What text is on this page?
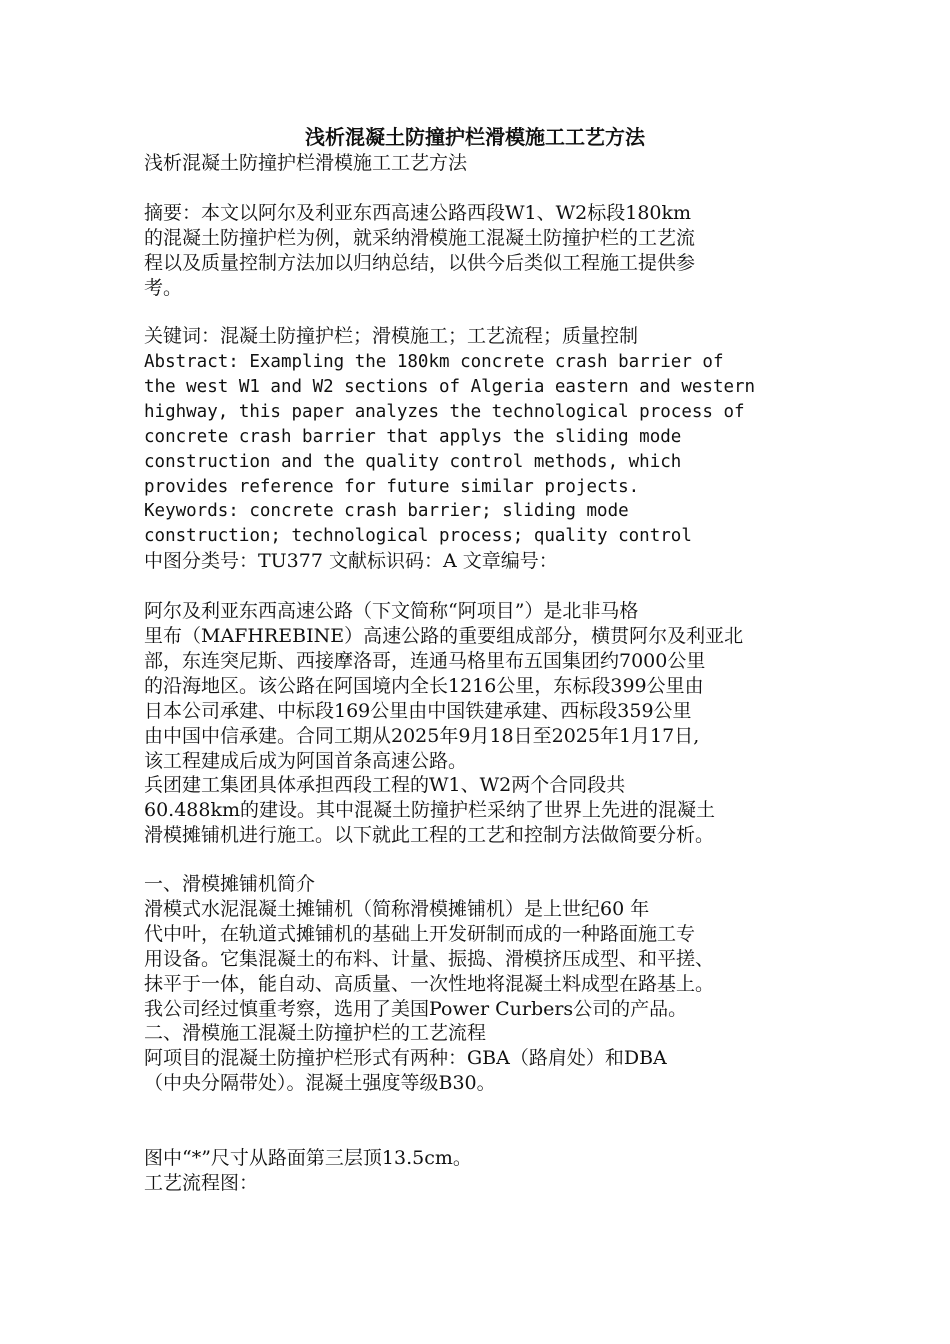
浅析混凝土防撞护栏滑模施工工艺方法
浅析混凝土防撞护栏滑模施工工艺方法
摘要：本文以阿尔及利亚东西高速公路西段W1、W2标段180km
的混凝土防撞护栏为例，就采纳滑模施工混凝土防撞护栏的工艺流
程以及质量控制方法加以归纳总结，以供今后类似工程施工提供参
考。
关键词：混凝土防撞护栏；滑模施工；工艺流程；质量控制
Abstract: Exampling the 180km concrete crash barrier of
the west W1 and W2 sections of Algeria eastern and western
highway, this paper analyzes the technological process of
concrete crash barrier that applys the sliding mode
construction and the quality control methods, which
provides reference for future similar projects.
Keywords: concrete crash barrier; sliding mode
construction; technological process; quality control
中图分类号：TU377 文献标识码：A 文章编号：
阿尔及利亚东西高速公路（下文简称“阿项目”）是北非马格
里布（MAFHREBINE）高速公路的重要组成部分，横贯阿尔及利亚北
部，东连突尼斯、西接摩洛哥，连通马格里布五国集团约7000公里
的沿海地区。该公路在阿国境内全长1216公里，东标段399公里由
日本公司承建、中标段169公里由中国铁建承建、西标段359公里
由中国中信承建。合同工期从2025年9月18日至2025年1月17日,
该工程建成后成为阿国首条高速公路。
兵团建工集团具体承担西段工程的W1、W2两个合同段共
60.488km的建设。其中混凝土防撞护栏采纳了世界上先进的混凝土
滑模摊铺机进行施工。以下就此工程的工艺和控制方法做简要分析。
一、滑模摊铺机简介
滑模式水泥混凝土摊铺机（简称滑模摊铺机）是上世纪60 年
代中叶，在轨道式摊铺机的基础上开发研制而成的一种路面施工专
用设备。它集混凝土的布料、计量、振捣、滑模挤压成型、和平搓、
抹平于一体，能自动、高质量、一次性地将混凝土料成型在路基上。
我公司经过慎重考察，选用了美国Power Curbers公司的产品。
二、滑模施工混凝土防撞护栏的工艺流程
阿项目的混凝土防撞护栏形式有两种：GBA（路肩处）和DBA
（中央分隔带处）。混凝土强度等级B30。
图中“*”尺寸从路面第三层顶13.5cm。
工艺流程图：
